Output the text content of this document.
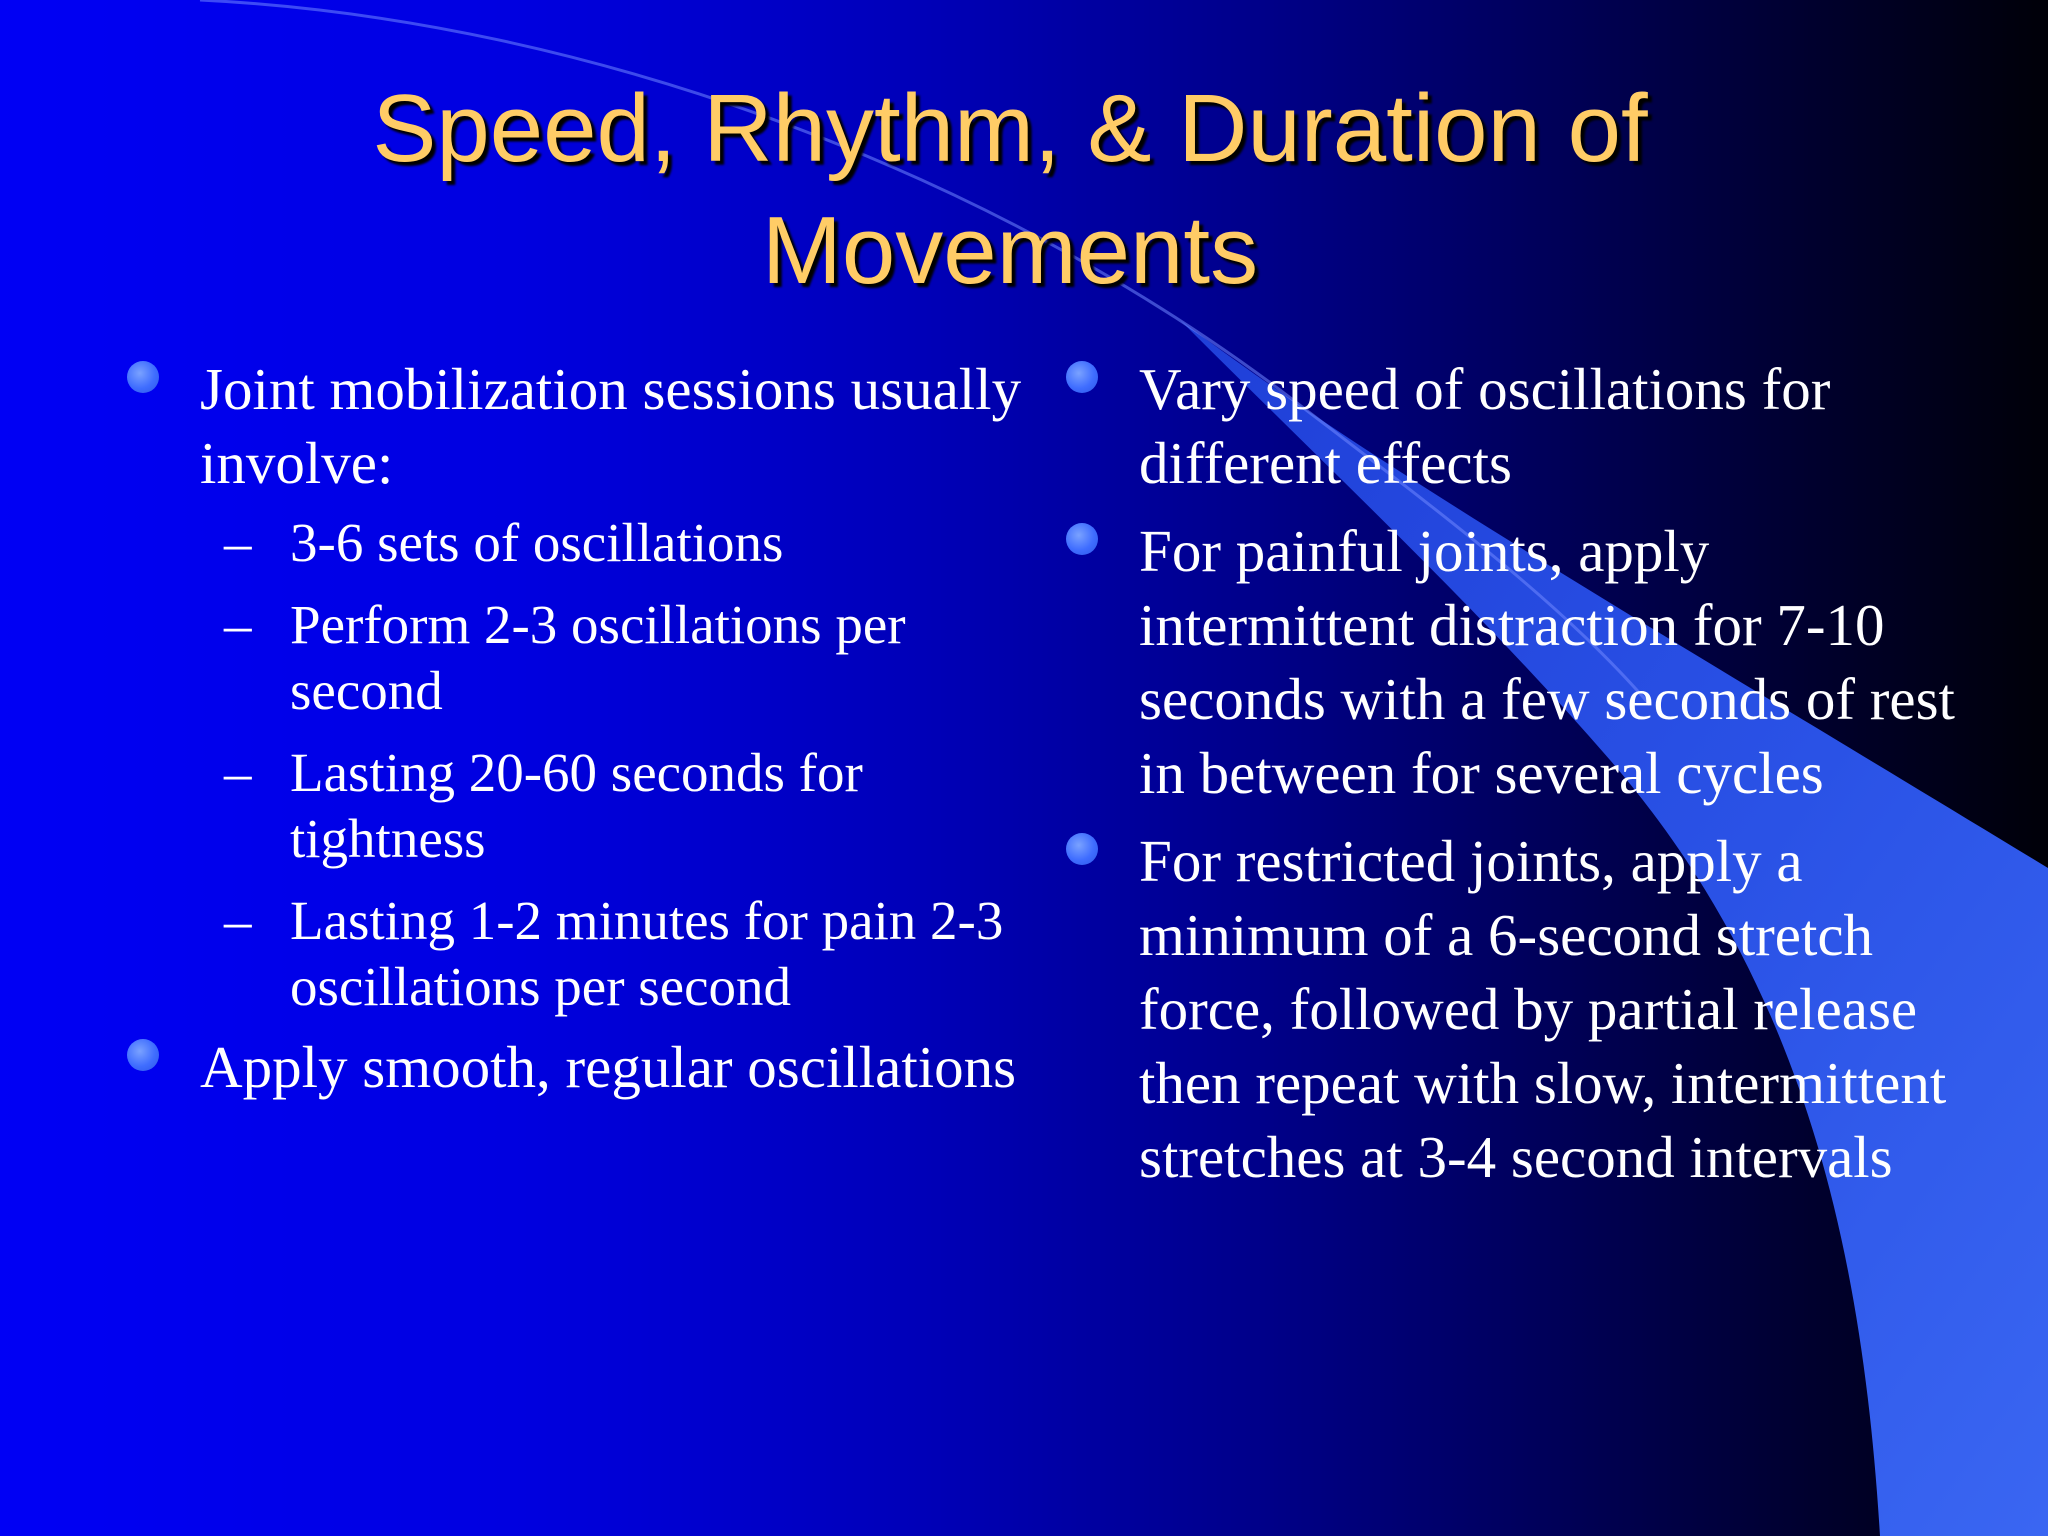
Speed, Rhythm, & Duration of
Movements
Joint mobilization sessions usually involve:
– 3-6 sets of oscillations
– Perform 2-3 oscillations per second
– Lasting 20-60 seconds for tightness
– Lasting 1-2 minutes for pain 2-3 oscillations per second
Apply smooth, regular oscillations
Vary speed of oscillations for different effects
For painful joints, apply intermittent distraction for 7-10 seconds with a few seconds of rest in between for several cycles
For restricted joints, apply a minimum of a 6-second stretch force, followed by partial release then repeat with slow, intermittent stretches at 3-4 second intervals
